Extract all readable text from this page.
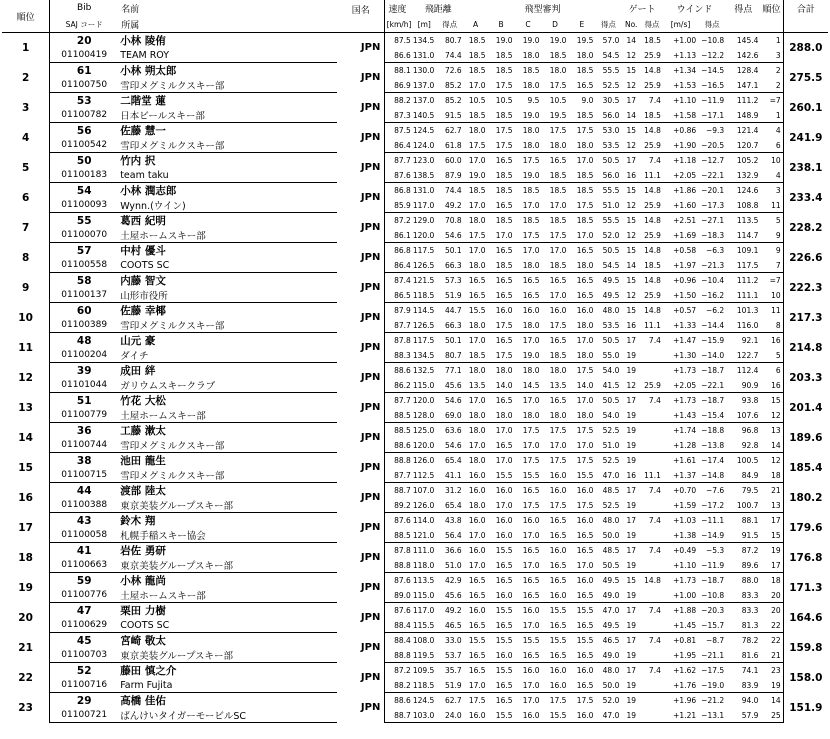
順位	Bib	名前	国名	速度	飛距離		飛型審判						ゲート		ウインド		得点	順位	合計
	SAJ コード	所属		[km/h]	[m]	得点	A	B	C	D	E	得点	No.	得点	[m/s]	得点			
1	20	小林 陵侑	JPN	87.5	134.5	80.7	18.5	19.0	19.0	19.0	19.5	57.0	14	18.5	+1.00	−10.8	145.4	1	288.0
	01100419	TEAM ROY		86.6	131.0	74.4	18.5	18.5	18.0	18.5	18.0	54.5	12	25.9	+1.13	−12.2	142.6	3	
2	61	小林 朔太郎	JPN	88.1	130.0	72.6	18.5	18.5	18.5	18.0	18.5	55.5	15	14.8	+1.34	−14.5	128.4	2	275.5
	01100750	雪印メグミルクスキー部		86.9	137.0	85.2	17.0	17.5	18.0	17.5	16.5	52.5	12	25.9	+1.53	−16.5	147.1	2	
3	53	二階堂 蓮	JPN	88.2	137.0	85.2	10.5	10.5	9.5	10.5	9.0	30.5	17	7.4	+1.10	−11.9	111.2	=7	260.1
	01100782	日本ビールスキー部		87.3	140.5	91.5	18.5	18.5	19.0	19.5	18.5	56.0	14	18.5	+1.58	−17.1	148.9	1	
4	56	佐藤 慧一	JPN	87.5	124.5	62.7	18.0	17.5	18.0	17.5	17.5	53.0	15	14.8	+0.86	−9.3	121.4	4	241.9
	01100542	雪印メグミルクスキー部		86.4	124.0	61.8	17.5	17.5	18.0	18.0	18.0	53.5	12	25.9	+1.90	−20.5	120.7	6	
5	50	竹内 択	JPN	87.7	123.0	60.0	17.0	16.5	17.5	16.5	17.0	50.5	17	7.4	+1.18	−12.7	105.2	10	238.1
	01100183	team taku		87.6	138.5	87.9	19.0	18.5	19.0	18.5	18.5	56.0	16	11.1	+2.05	−22.1	132.9	4	
6	54	小林 潤志郎	JPN	86.8	131.0	74.4	18.5	18.5	18.5	18.5	18.5	55.5	15	14.8	+1.86	−20.1	124.6	3	233.4
	01100093	Wynn.(ウイン)		85.9	117.0	49.2	17.0	16.5	17.0	17.0	17.5	51.0	12	25.9	+1.60	−17.3	108.8	11	
7	55	葛西 紀明	JPN	87.2	129.0	70.8	18.0	18.5	18.5	18.5	18.5	55.5	15	14.8	+2.51	−27.1	113.5	5	228.2
	01100070	土屋ホームスキー部		86.1	120.0	54.6	17.5	17.0	17.5	17.5	17.0	52.0	12	25.9	+1.69	−18.3	114.7	9	
8	57	中村 優斗	JPN	86.8	117.5	50.1	17.0	16.5	17.0	17.0	16.5	50.5	15	14.8	+0.58	−6.3	109.1	9	226.6
	01100558	COOTS SC		86.4	126.5	66.3	18.0	18.5	18.0	18.5	18.0	54.5	14	18.5	+1.97	−21.3	117.5	7	
9	58	内藤 智文	JPN	87.4	121.5	57.3	16.5	16.5	16.5	16.5	16.5	49.5	15	14.8	+0.96	−10.4	111.2	=7	222.3
	01100137	山形市役所		86.5	118.5	51.9	16.5	16.5	16.5	17.0	16.5	49.5	12	25.9	+1.50	−16.2	111.1	10	
10	60	佐藤 幸椰	JPN	87.9	114.5	44.7	15.5	16.0	16.0	16.0	16.0	48.0	15	14.8	+0.57	−6.2	101.3	11	217.3
	01100389	雪印メグミルクスキー部		87.7	126.5	66.3	18.0	17.5	18.0	17.5	18.0	53.5	16	11.1	+1.33	−14.4	116.0	8	
11	48	山元 豪	JPN	87.8	117.5	50.1	17.0	16.5	17.0	16.5	17.0	50.5	17	7.4	+1.47	−15.9	92.1	16	214.8
	01100204	ダイチ		88.3	134.5	80.7	18.5	17.5	19.0	18.5	18.0	55.0	19		+1.30	−14.0	122.7	5	
12	39	成田 絆	JPN	88.6	132.5	77.1	18.0	18.0	18.0	18.0	17.5	54.0	19		+1.73	−18.7	112.4	6	203.3
	01101044	ガリウムスキークラブ		86.2	115.0	45.6	13.5	14.0	14.5	13.5	14.0	41.5	12	25.9	+2.05	−22.1	90.9	16	
13	51	竹花 大松	JPN	87.7	120.0	54.6	17.0	16.5	17.0	16.5	17.0	50.5	17	7.4	+1.73	−18.7	93.8	15	201.4
	01100779	土屋ホームスキー部		88.5	128.0	69.0	18.0	18.0	18.0	18.0	18.0	54.0	19		+1.43	−15.4	107.6	12	
14	36	工藤 漱太	JPN	88.5	125.0	63.6	18.0	17.0	17.5	17.5	17.5	52.5	19		+1.74	−18.8	96.8	13	189.6
	01100744	雪印メグミルクスキー部		88.6	120.0	54.6	17.0	16.5	17.0	17.0	17.0	51.0	19		+1.28	−13.8	92.8	14	
15	38	池田 龍生	JPN	88.8	126.0	65.4	18.0	17.0	17.5	17.5	17.5	52.5	19		+1.61	−17.4	100.5	12	185.4
	01100715	雪印メグミルクスキー部		87.7	112.5	41.1	16.0	15.5	15.5	16.0	15.5	47.0	16	11.1	+1.37	−14.8	84.9	18	
16	44	渡部 陸太	JPN	88.7	107.0	31.2	16.0	16.0	16.5	16.0	16.0	48.5	17	7.4	+0.70	−7.6	79.5	21	180.2
	01100388	東京美装グループスキー部		89.2	126.0	65.4	18.0	17.0	17.5	17.5	17.5	52.5	19		+1.59	−17.2	100.7	13	
17	43	鈴木 翔	JPN	87.6	114.0	43.8	16.0	16.0	16.0	16.5	16.0	48.0	17	7.4	+1.03	−11.1	88.1	17	179.6
	01100058	札幌手稲スキー協会		88.5	121.0	56.4	17.0	16.0	17.0	16.5	16.5	50.0	19		+1.38	−14.9	91.5	15	
18	41	岩佐 勇研	JPN	87.8	111.0	36.6	16.0	15.5	16.5	16.0	16.5	48.5	17	7.4	+0.49	−5.3	87.2	19	176.8
	01100663	東京美装グループスキー部		88.8	118.0	51.0	17.0	16.5	17.0	16.5	17.0	50.5	19		+1.10	−11.9	89.6	17	
19	59	小林 龍尚	JPN	87.6	113.5	42.9	16.5	16.5	16.5	16.5	16.0	49.5	15	14.8	+1.73	−18.7	88.0	18	171.3
	01100776	土屋ホームスキー部		89.0	115.0	45.6	16.5	16.0	16.5	16.0	16.5	49.0	19		+1.00	−10.8	83.3	20	
20	47	栗田 力樹	JPN	87.6	117.0	49.2	16.0	15.5	16.0	15.5	15.5	47.0	17	7.4	+1.88	−20.3	83.3	20	164.6
	01100629	COOTS SC		88.4	115.5	46.5	16.5	16.5	17.0	16.5	16.5	49.5	19		+1.45	−15.7	81.3	22	
21	45	宮崎 敬太	JPN	88.4	108.0	33.0	15.5	15.5	15.5	15.5	15.5	46.5	17	7.4	+0.81	−8.7	78.2	22	159.8
	01100703	東京美装グループスキー部		88.8	119.5	53.7	16.5	16.0	16.5	16.5	16.5	49.0	19		+1.95	−21.1	81.6	21	
22	52	藤田 慎之介	JPN	87.2	109.5	35.7	16.5	15.5	16.0	16.0	16.0	48.0	17	7.4	+1.62	−17.5	74.1	23	158.0
	01100716	Farm Fujita		88.2	118.5	51.9	17.0	16.5	17.0	16.0	16.5	50.0	19		+1.76	−19.0	83.9	19	
23	29	高橋 佳佑	JPN	88.6	124.5	62.7	17.5	16.5	17.0	17.5	17.5	52.0	19		+1.96	−21.2	94.0	14	151.9
	01100721	ばんけいタイガーモービルSC		88.7	103.0	24.0	16.0	15.5	16.0	15.5	16.0	47.0	19		+1.21	−13.1	57.9	25	
